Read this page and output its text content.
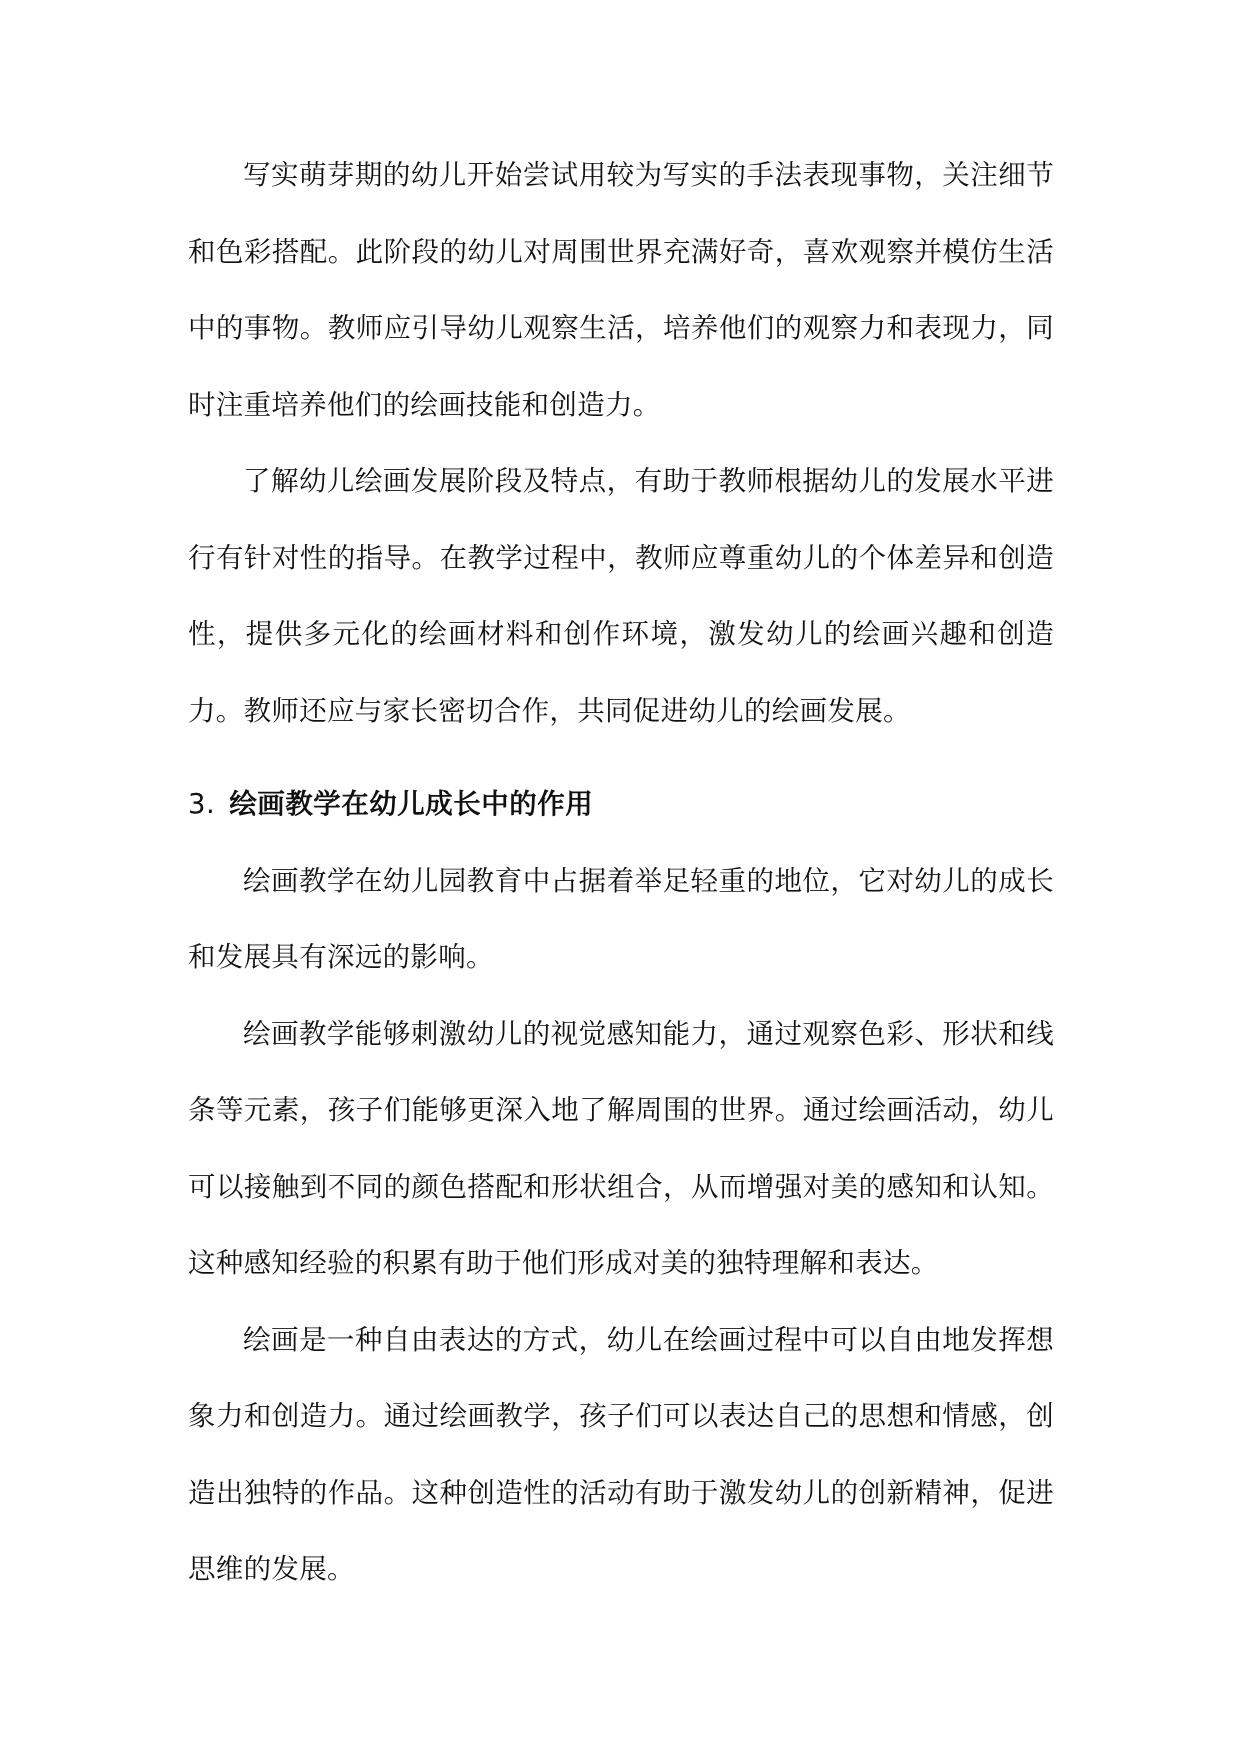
写实萌芽期的幼儿开始尝试用较为写实的手法表现事物，关注细节和色彩搭配。此阶段的幼儿对周围世界充满好奇，喜欢观察并模仿生活中的事物。教师应引导幼儿观察生活，培养他们的观察力和表现力，同时注重培养他们的绘画技能和创造力。

了解幼儿绘画发展阶段及特点，有助于教师根据幼儿的发展水平进行有针对性的指导。在教学过程中，教师应尊重幼儿的个体差异和创造性，提供多元化的绘画材料和创作环境，激发幼儿的绘画兴趣和创造力。教师还应与家长密切合作，共同促进幼儿的绘画发展。

3. 绘画教学在幼儿成长中的作用

绘画教学在幼儿园教育中占据着举足轻重的地位，它对幼儿的成长和发展具有深远的影响。

绘画教学能够刺激幼儿的视觉感知能力，通过观察色彩、形状和线条等元素，孩子们能够更深入地了解周围的世界。通过绘画活动，幼儿可以接触到不同的颜色搭配和形状组合，从而增强对美的感知和认知。这种感知经验的积累有助于他们形成对美的独特理解和表达。

绘画是一种自由表达的方式，幼儿在绘画过程中可以自由地发挥想象力和创造力。通过绘画教学，孩子们可以表达自己的思想和情感，创造出独特的作品。这种创造性的活动有助于激发幼儿的创新精神，促进思维的发展。
